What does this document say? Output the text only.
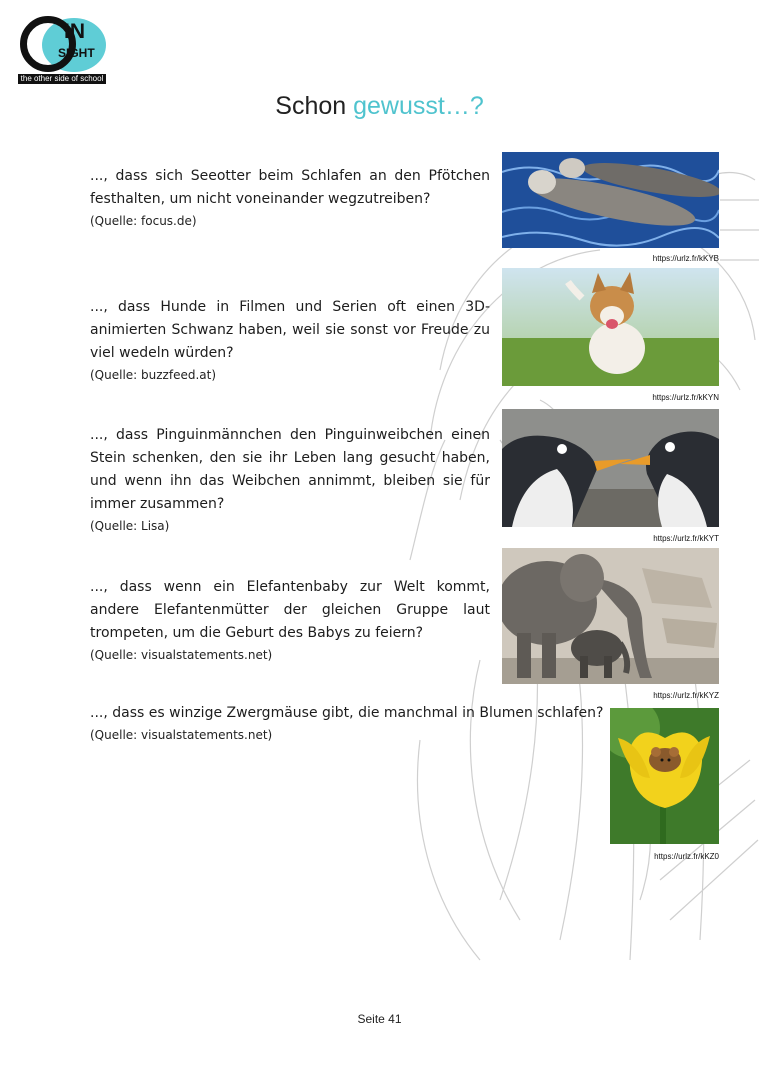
IN
SIGHT
the other side of school
Schon gewusst…?
..., dass sich Seeotter beim Schlafen an den Pfötchen festhalten, um nicht voneinander wegzutreiben?
(Quelle: focus.de)
https://urlz.fr/kKYB
..., dass Hunde in Filmen und Serien oft einen 3D-animierten Schwanz haben, weil sie sonst vor Freude zu viel wedeln würden?
(Quelle: buzzfeed.at)
https://urlz.fr/kKYN
..., dass Pinguinmännchen den Pinguinweibchen einen Stein schenken, den sie ihr Leben lang gesucht haben, und wenn ihn das Weibchen annimmt, bleiben sie für immer zusammen?
(Quelle: Lisa)
https://urlz.fr/kKYT
..., dass wenn ein Elefantenbaby zur Welt kommt, andere Elefantenmütter der gleichen Gruppe laut trompeten, um die Geburt des Babys zu feiern?
(Quelle: visualstatements.net)
https://urlz.fr/kKYZ
..., dass es winzige Zwergmäuse gibt, die manchmal in Blumen schlafen?
(Quelle: visualstatements.net)
https://urlz.fr/kKZ0
Seite 41
